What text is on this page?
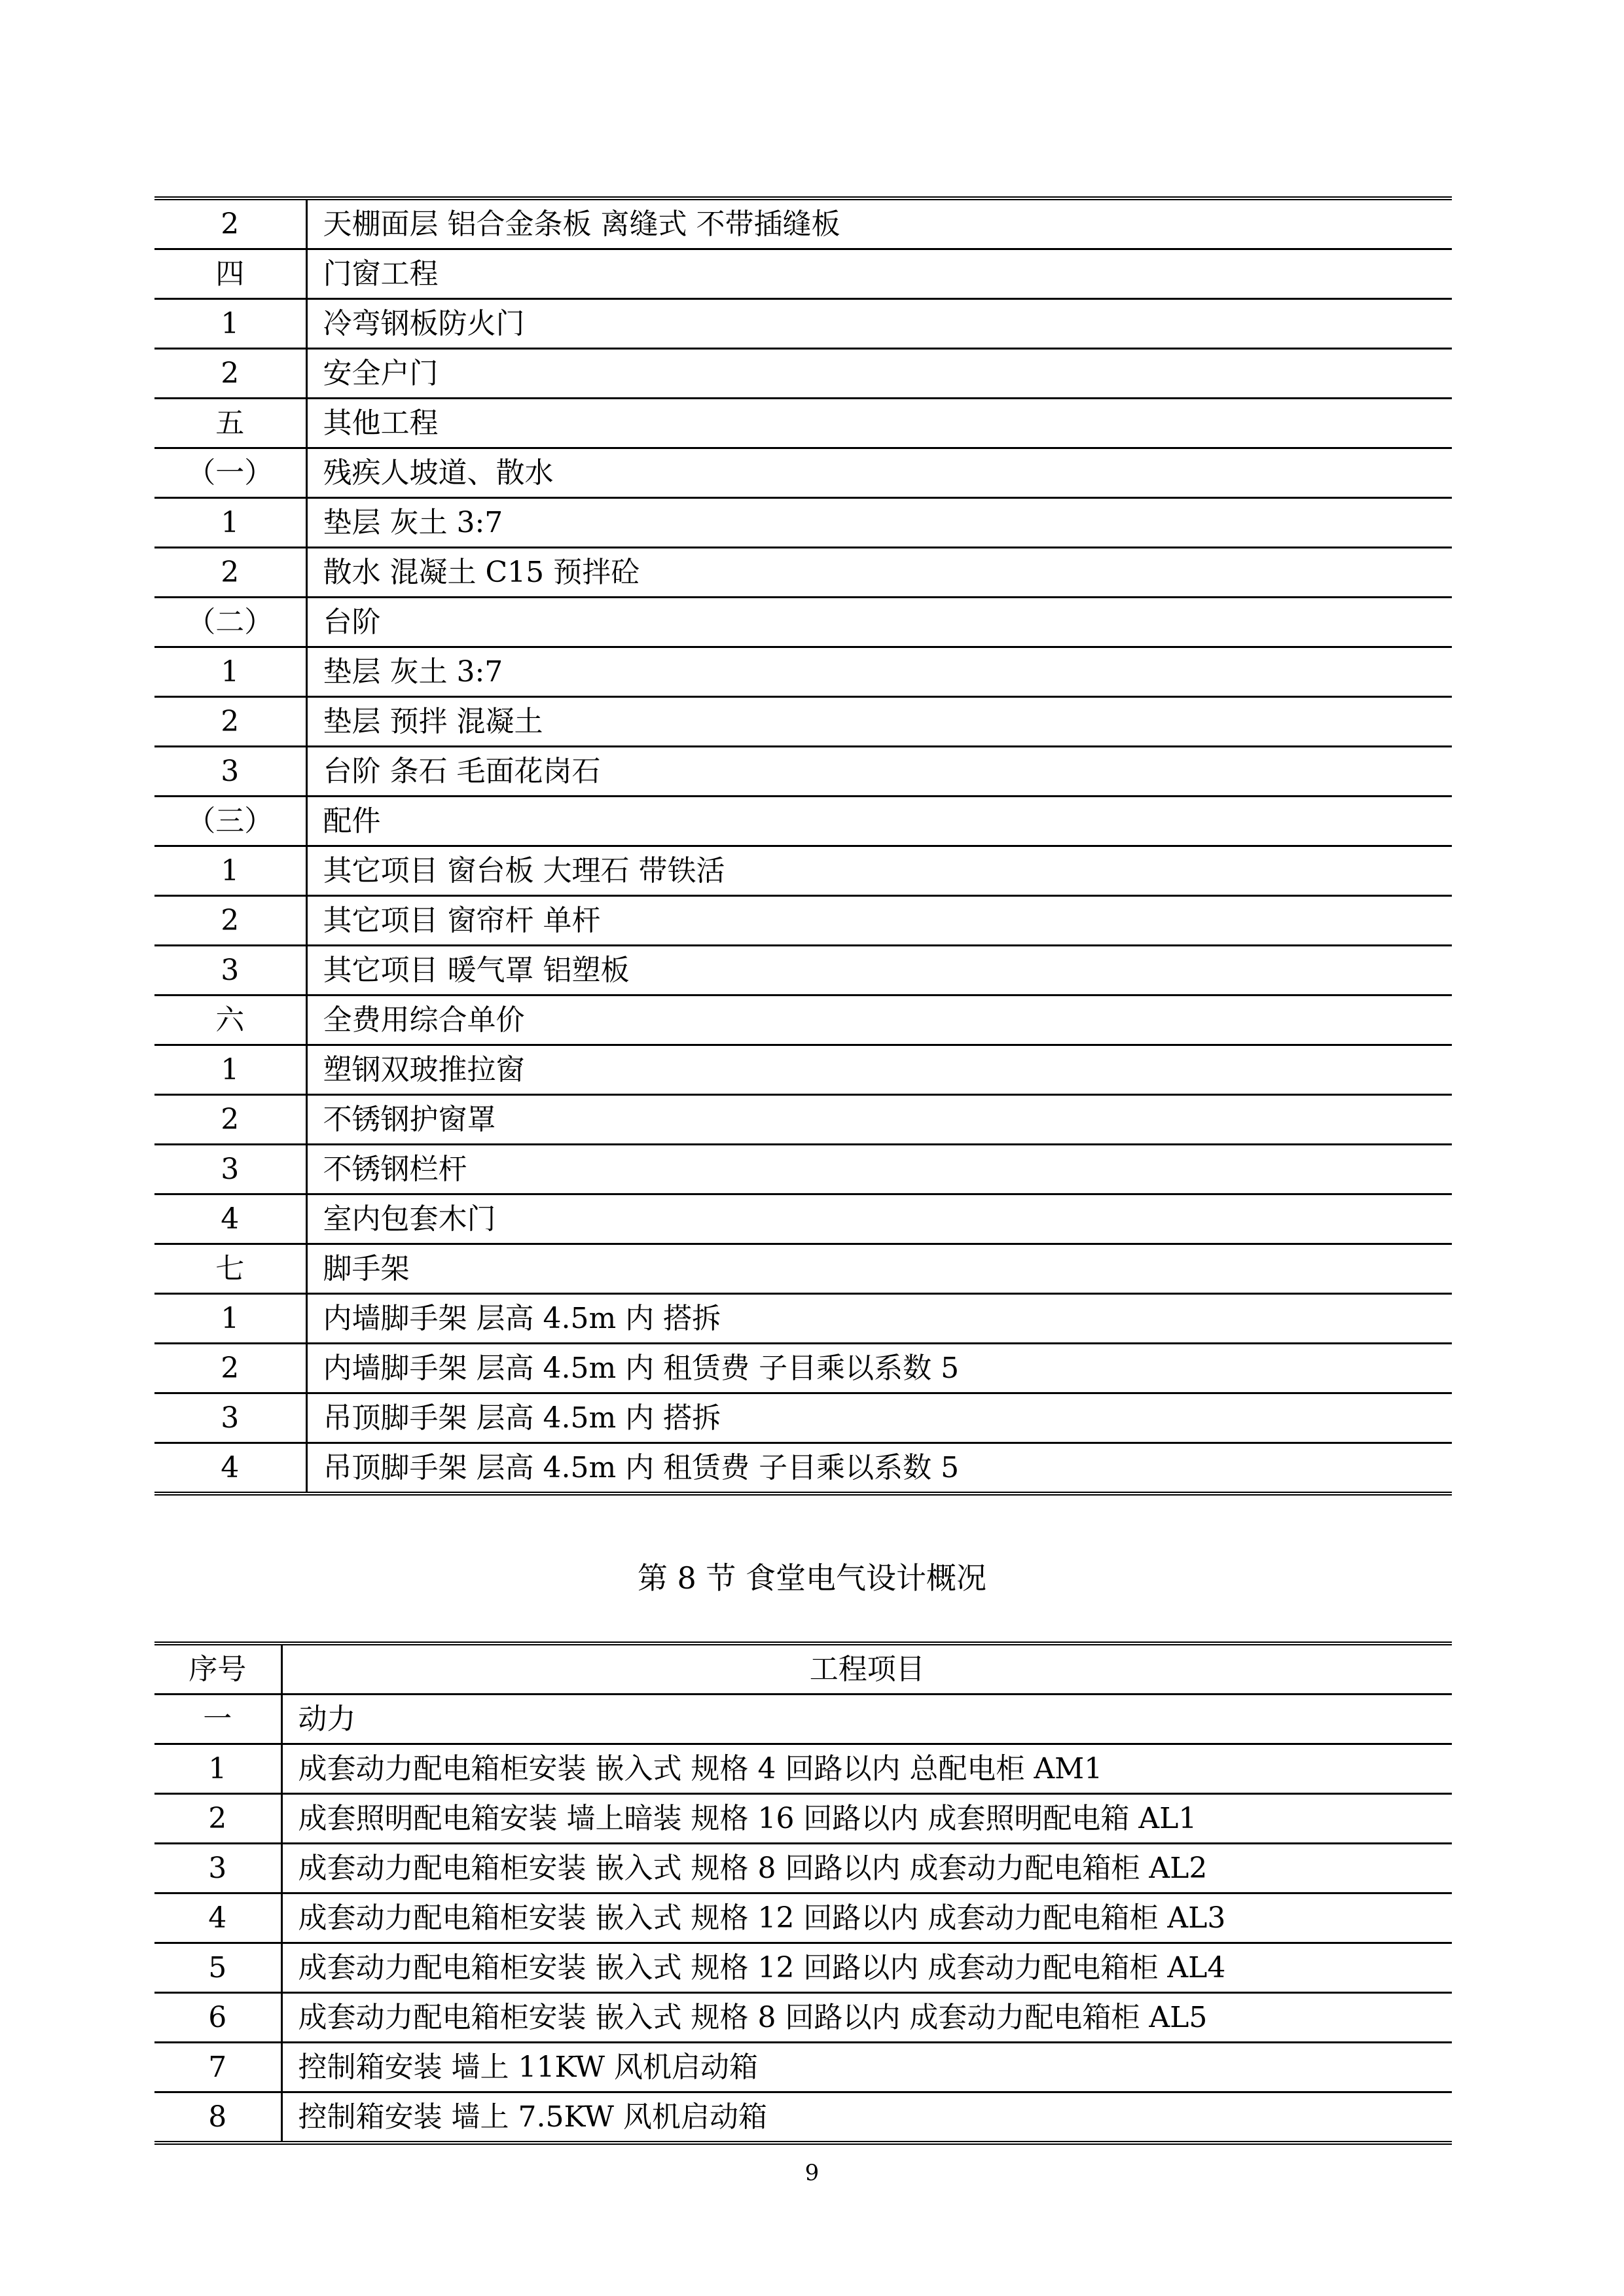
2	天棚面层 铝合金条板 离缝式 不带插缝板
四	门窗工程
1	冷弯钢板防火门
2	安全户门
五	其他工程
（一）	残疾人坡道、散水
1	垫层 灰土 3:7
2	散水 混凝土 C15 预拌砼
（二）	台阶
1	垫层 灰土 3:7
2	垫层 预拌 混凝土
3	台阶 条石 毛面花岗石
（三）	配件
1	其它项目 窗台板 大理石 带铁活
2	其它项目 窗帘杆 单杆
3	其它项目 暖气罩 铝塑板
六	全费用综合单价
1	塑钢双玻推拉窗
2	不锈钢护窗罩
3	不锈钢栏杆
4	室内包套木门
七	脚手架
1	内墙脚手架 层高 4.5m 内 搭拆
2	内墙脚手架 层高 4.5m 内 租赁费 子目乘以系数 5
3	吊顶脚手架 层高 4.5m 内 搭拆
4	吊顶脚手架 层高 4.5m 内 租赁费 子目乘以系数 5
第 8 节 食堂电气设计概况
序号	工程项目
一	动力
1	成套动力配电箱柜安装 嵌入式 规格 4 回路以内 总配电柜 AM1
2	成套照明配电箱安装 墙上暗装 规格 16 回路以内 成套照明配电箱 AL1
3	成套动力配电箱柜安装 嵌入式 规格 8 回路以内 成套动力配电箱柜 AL2
4	成套动力配电箱柜安装 嵌入式 规格 12 回路以内 成套动力配电箱柜 AL3
5	成套动力配电箱柜安装 嵌入式 规格 12 回路以内 成套动力配电箱柜 AL4
6	成套动力配电箱柜安装 嵌入式 规格 8 回路以内 成套动力配电箱柜 AL5
7	控制箱安装 墙上 11KW 风机启动箱
8	控制箱安装 墙上 7.5KW 风机启动箱
9
